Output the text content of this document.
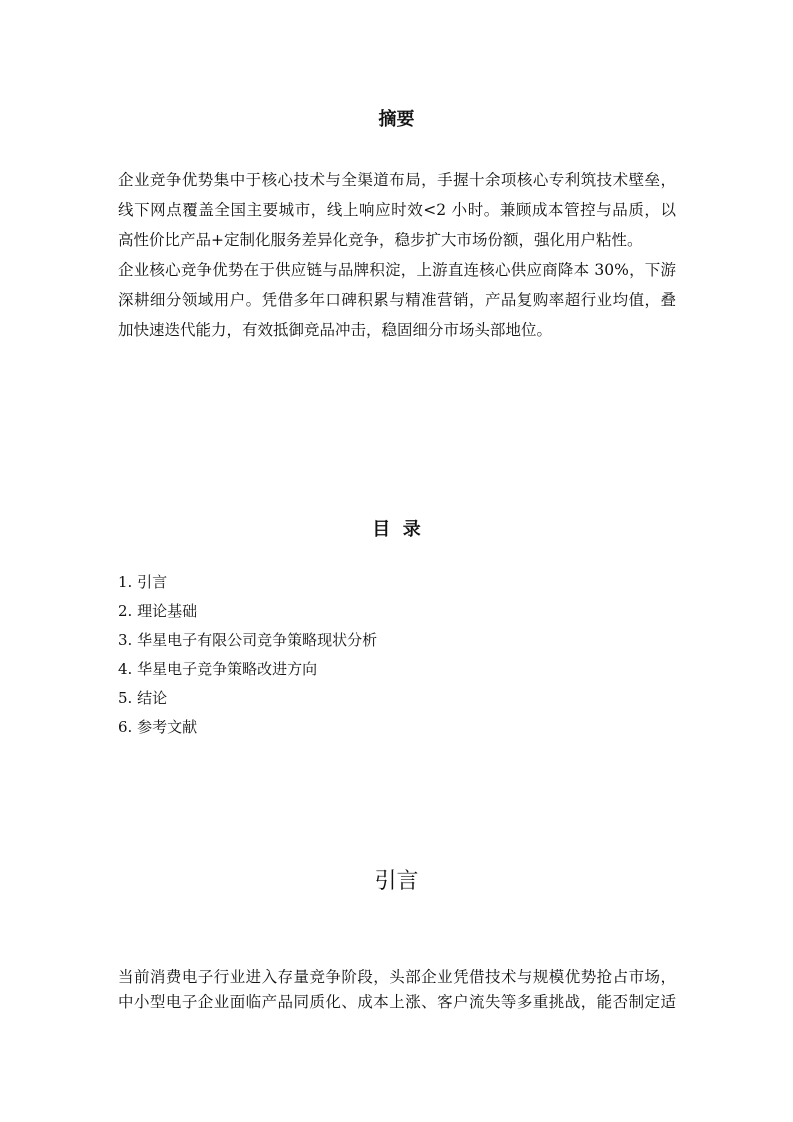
摘要
企业竞争优势集中于核心技术与全渠道布局，手握十余项核心专利筑技术壁垒，
线下网点覆盖全国主要城市，线上响应时效<2 小时。兼顾成本管控与品质，以
高性价比产品+定制化服务差异化竞争，稳步扩大市场份额，强化用户粘性。
企业核心竞争优势在于供应链与品牌积淀，上游直连核心供应商降本 30%，下游
深耕细分领域用户。凭借多年口碑积累与精准营销，产品复购率超行业均值，叠
加快速迭代能力，有效抵御竞品冲击，稳固细分市场头部地位。
目  录
1. 引言
2. 理论基础
3. 华星电子有限公司竞争策略现状分析
4. 华星电子竞争策略改进方向
5. 结论
6. 参考文献
引言
当前消费电子行业进入存量竞争阶段，头部企业凭借技术与规模优势抢占市场，
中小型电子企业面临产品同质化、成本上涨、客户流失等多重挑战，能否制定适
